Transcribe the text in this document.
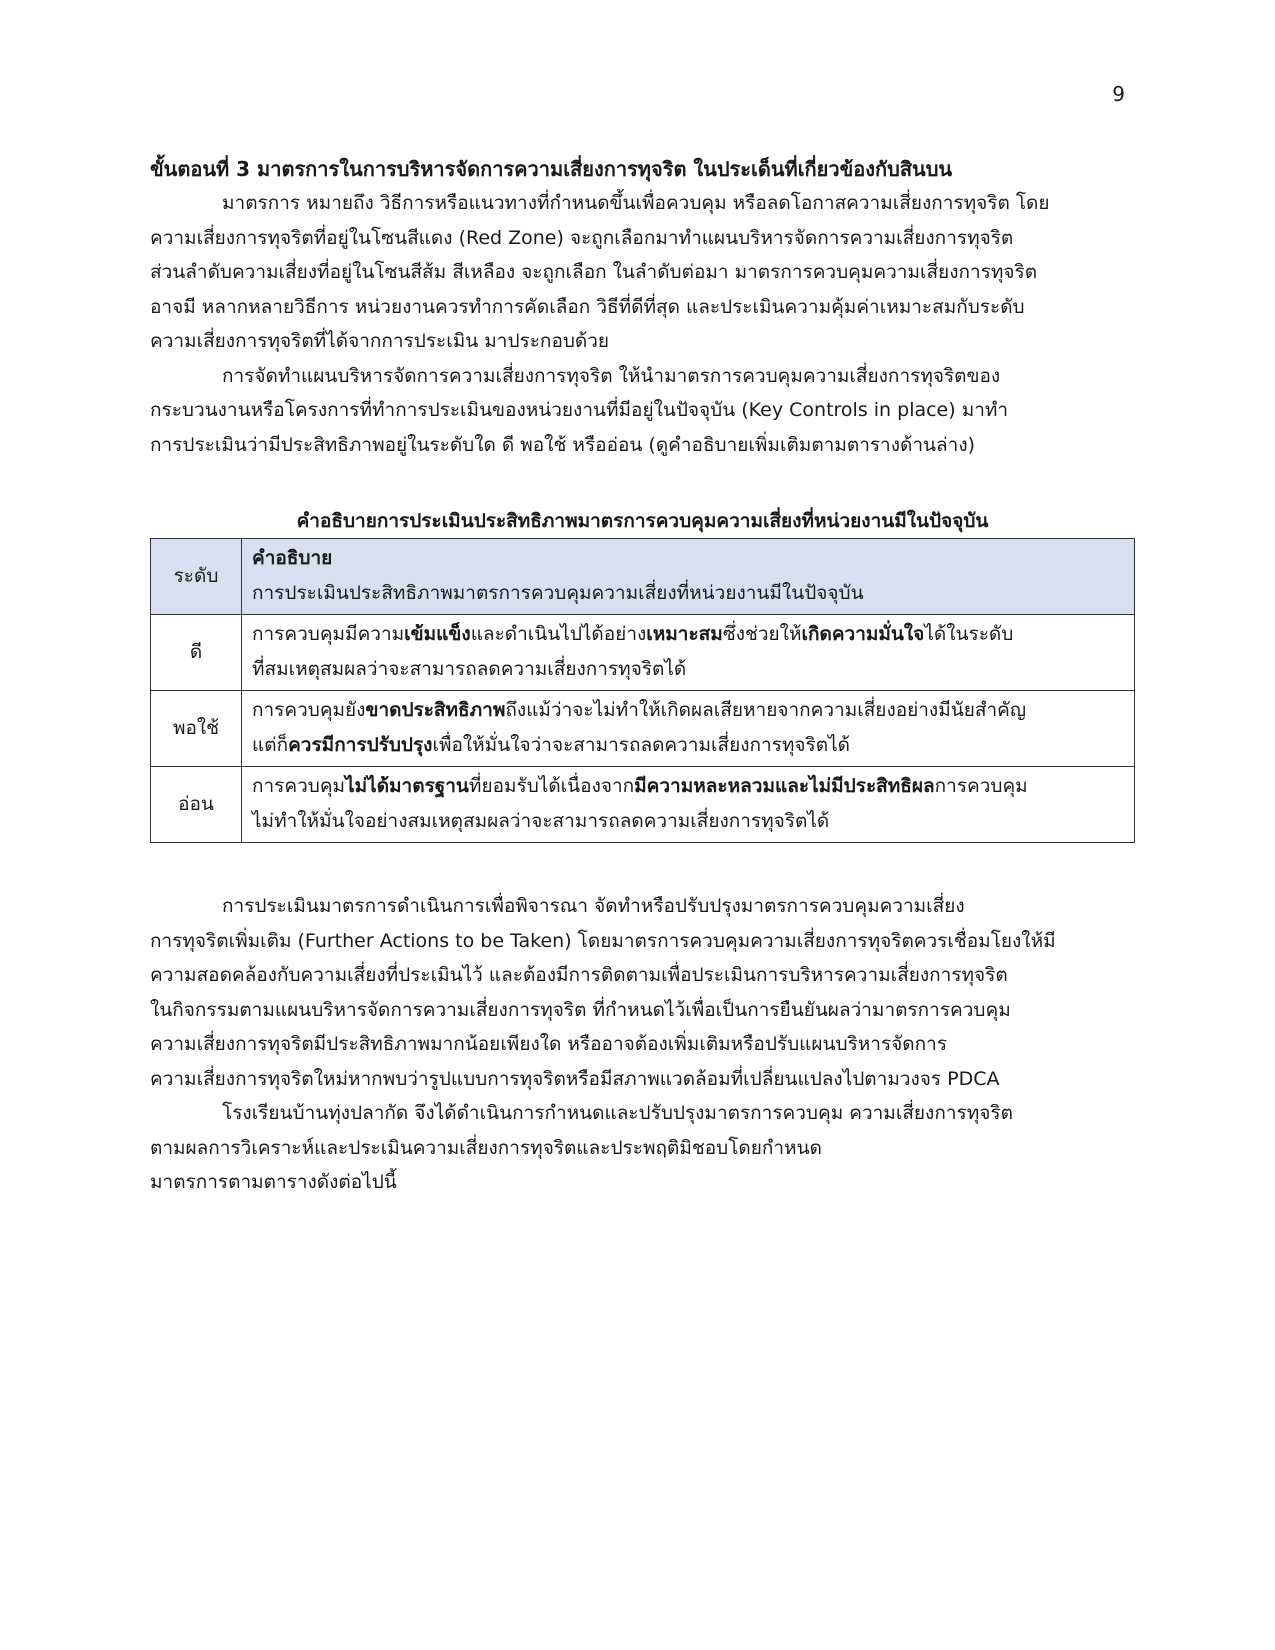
9

ขั้นตอนที่ 3 มาตรการในการบริหารจัดการความเสี่ยงการทุจริต ในประเด็นที่เกี่ยวข้องกับสินบน

มาตรการ หมายถึง วิธีการหรือแนวทางที่กำหนดขึ้นเพื่อควบคุม หรือลดโอกาสความเสี่ยงการทุจริต โดย
ความเสี่ยงการทุจริตที่อยู่ในโซนสีแดง (Red Zone) จะถูกเลือกมาทำแผนบริหารจัดการความเสี่ยงการทุจริต
ส่วนลำดับความเสี่ยงที่อยู่ในโซนสีส้ม สีเหลือง จะถูกเลือก ในลำดับต่อมา มาตรการควบคุมความเสี่ยงการทุจริต
อาจมี หลากหลายวิธีการ หน่วยงานควรทำการคัดเลือก วิธีที่ดีที่สุด และประเมินความคุ้มค่าเหมาะสมกับระดับ
ความเสี่ยงการทุจริตที่ได้จากการประเมิน มาประกอบด้วย

การจัดทำแผนบริหารจัดการความเสี่ยงการทุจริต ให้นำมาตรการควบคุมความเสี่ยงการทุจริตของ
กระบวนงานหรือโครงการที่ทำการประเมินของหน่วยงานที่มีอยู่ในปัจจุบัน (Key Controls in place) มาทำ
การประเมินว่ามีประสิทธิภาพอยู่ในระดับใด ดี พอใช้ หรืออ่อน (ดูคำอธิบายเพิ่มเติมตามตารางด้านล่าง)

คำอธิบายการประเมินประสิทธิภาพมาตรการควบคุมความเสี่ยงที่หน่วยงานมีในปัจจุบัน

ระดับ	คำอธิบาย
การประเมินประสิทธิภาพมาตรการควบคุมความเสี่ยงที่หน่วยงานมีในปัจจุบัน
ดี	การควบคุมมีความเข้มแข็งและดำเนินไปได้อย่างเหมาะสมซึ่งช่วยให้เกิดความมั่นใจได้ในระดับ
ที่สมเหตุสมผลว่าจะสามารถลดความเสี่ยงการทุจริตได้
พอใช้	การควบคุมยังขาดประสิทธิภาพถึงแม้ว่าจะไม่ทำให้เกิดผลเสียหายจากความเสี่ยงอย่างมีนัยสำคัญ
แต่ก็ควรมีการปรับปรุงเพื่อให้มั่นใจว่าจะสามารถลดความเสี่ยงการทุจริตได้
อ่อน	การควบคุมไม่ได้มาตรฐานที่ยอมรับได้เนื่องจากมีความหละหลวมและไม่มีประสิทธิผลการควบคุม
ไม่ทำให้มั่นใจอย่างสมเหตุสมผลว่าจะสามารถลดความเสี่ยงการทุจริตได้

การประเมินมาตรการดำเนินการเพื่อพิจารณา จัดทำหรือปรับปรุงมาตรการควบคุมความเสี่ยง
การทุจริตเพิ่มเติม (Further Actions to be Taken) โดยมาตรการควบคุมความเสี่ยงการทุจริตควรเชื่อมโยงให้มี
ความสอดคล้องกับความเสี่ยงที่ประเมินไว้ และต้องมีการติดตามเพื่อประเมินการบริหารความเสี่ยงการทุจริต
ในกิจกรรมตามแผนบริหารจัดการความเสี่ยงการทุจริต ที่กำหนดไว้เพื่อเป็นการยืนยันผลว่ามาตรการควบคุม
ความเสี่ยงการทุจริตมีประสิทธิภาพมากน้อยเพียงใด หรืออาจต้องเพิ่มเติมหรือปรับแผนบริหารจัดการ
ความเสี่ยงการทุจริตใหม่หากพบว่ารูปแบบการทุจริตหรือมีสภาพแวดล้อมที่เปลี่ยนแปลงไปตามวงจร PDCA

โรงเรียนบ้านทุ่งปลากัด จึงได้ดำเนินการกำหนดและปรับปรุงมาตรการควบคุม ความเสี่ยงการทุจริต
ตามผลการวิเคราะห์และประเมินความเสี่ยงการทุจริตและประพฤติมิชอบโดยกำหนด
มาตรการตามตารางดังต่อไปนี้
